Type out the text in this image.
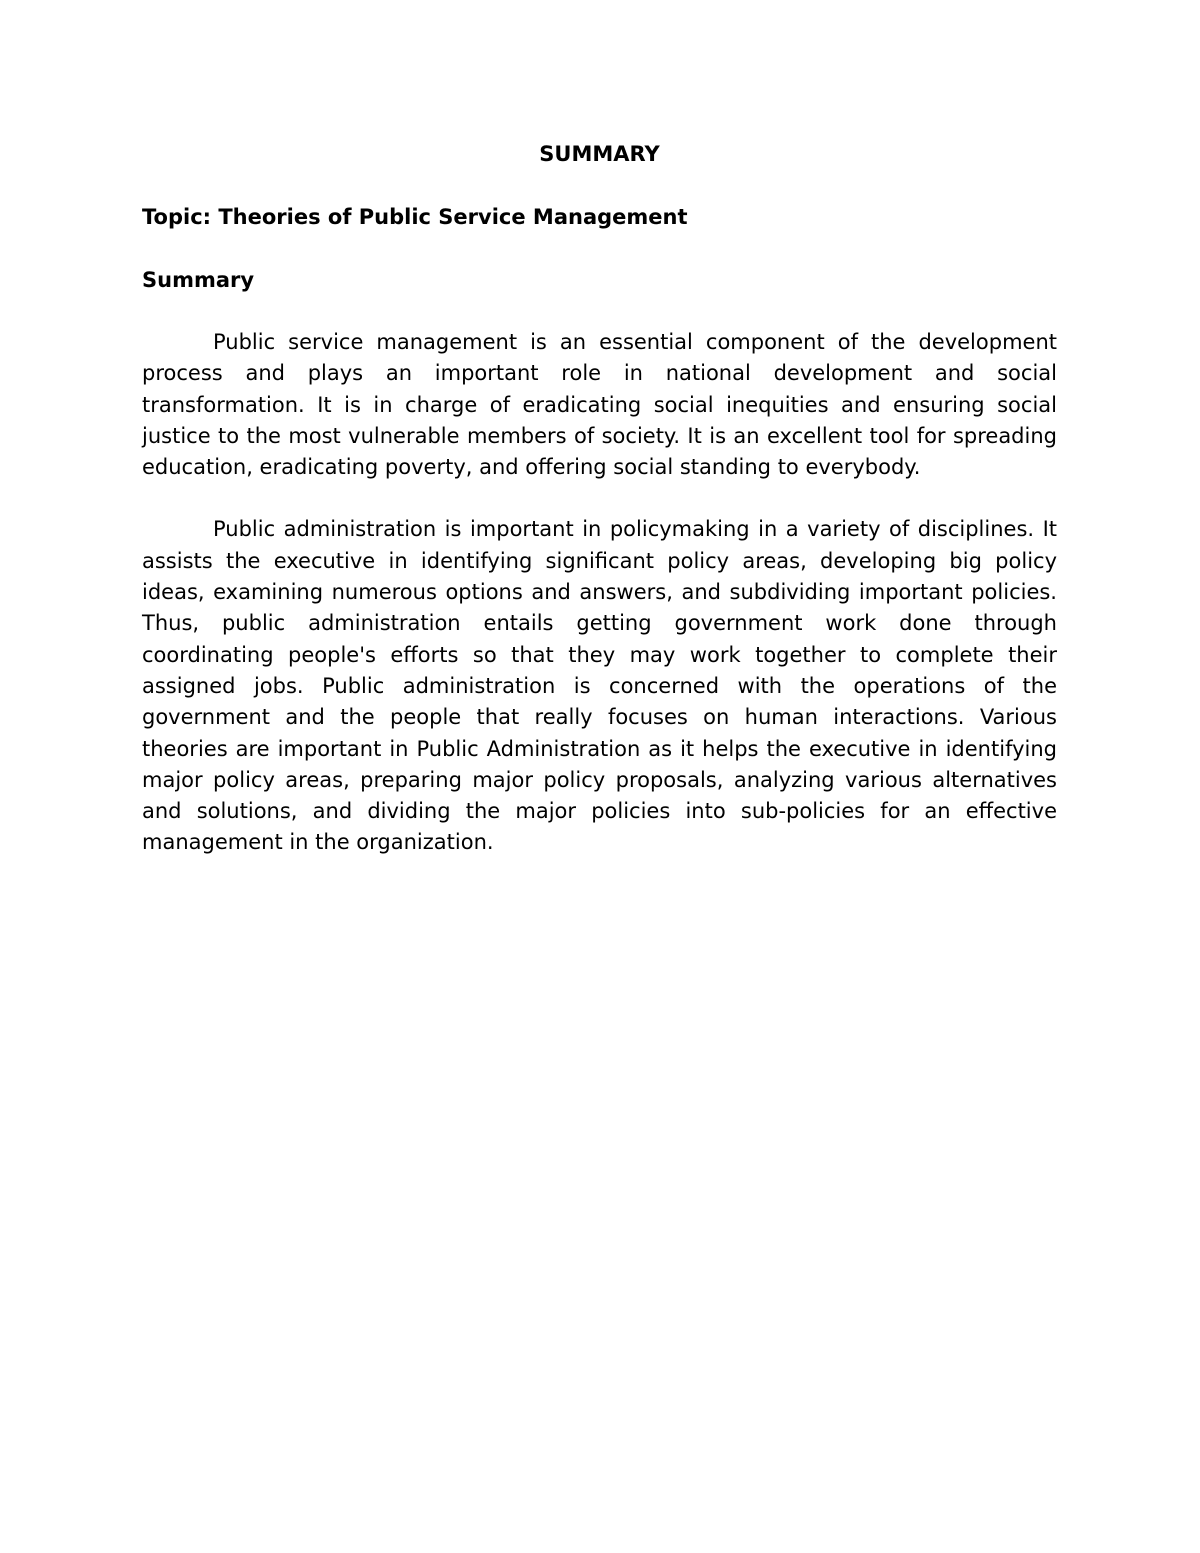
SUMMARY

Topic: Theories of Public Service Management

Summary

Public service management is an essential component of the development process and plays an important role in national development and social transformation. It is in charge of eradicating social inequities and ensuring social justice to the most vulnerable members of society. It is an excellent tool for spreading education, eradicating poverty, and offering social standing to everybody.

Public administration is important in policymaking in a variety of disciplines. It assists the executive in identifying significant policy areas, developing big policy ideas, examining numerous options and answers, and subdividing important policies. Thus, public administration entails getting government work done through coordinating people's efforts so that they may work together to complete their assigned jobs. Public administration is concerned with the operations of the government and the people that really focuses on human interactions. Various theories are important in Public Administration as it helps the executive in identifying major policy areas, preparing major policy proposals, analyzing various alternatives and solutions, and dividing the major policies into sub-policies for an effective management in the organization.
